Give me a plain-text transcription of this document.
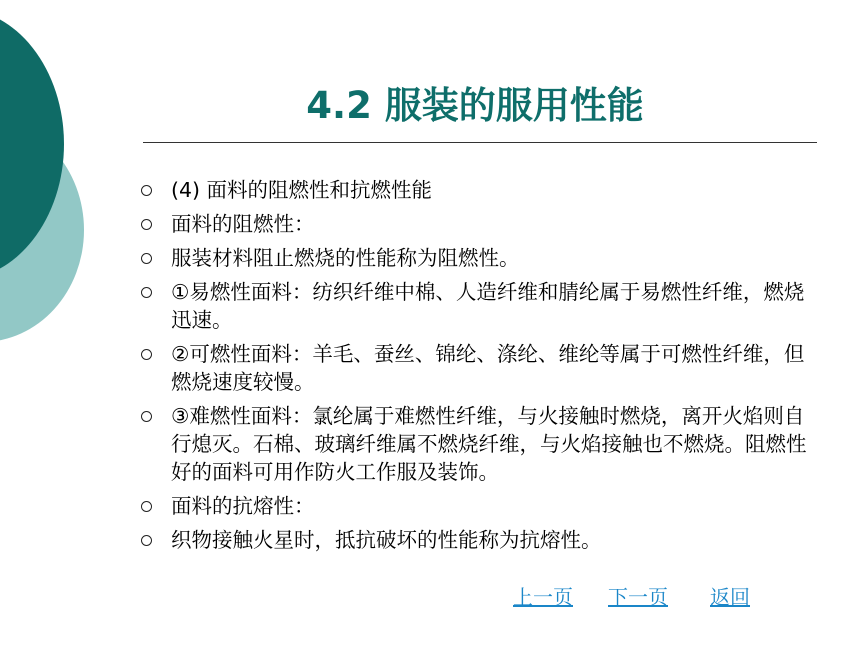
4.2 服装的服用性能
(4) 面料的阻燃性和抗燃性能
面料的阻燃性：
服装材料阻止燃烧的性能称为阻燃性。
①易燃性面料：纺织纤维中棉、人造纤维和腈纶属于易燃性纤维，燃烧迅速。
②可燃性面料：羊毛、蚕丝、锦纶、涤纶、维纶等属于可燃性纤维，但燃烧速度较慢。
③难燃性面料：氯纶属于难燃性纤维，与火接触时燃烧，离开火焰则自行熄灭。石棉、玻璃纤维属不燃烧纤维，与火焰接触也不燃烧。阻燃性好的面料可用作防火工作服及装饰。
面料的抗熔性：
织物接触火星时，抵抗破坏的性能称为抗熔性。
上一页 下一页 返回
